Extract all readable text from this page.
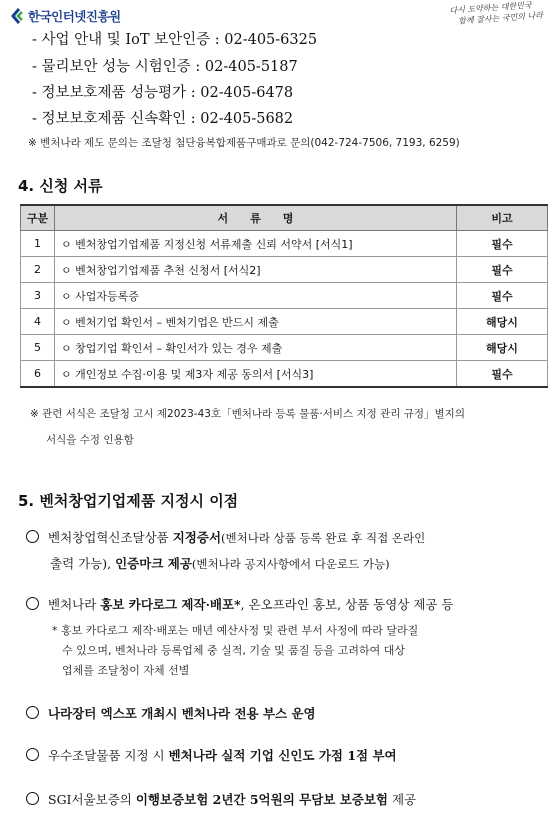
한국인터넷진흥원
다시 도약하는 대한민국
함께 잘사는 국민의 나라
- 사업 안내 및 IoT 보안인증 : 02-405-6325
- 물리보안 성능 시험인증 : 02-405-5187
- 정보보호제품 성능평가 : 02-405-6478
- 정보보호제품 신속확인 : 02-405-5682
※ 벤처나라 제도 문의는 조달청 첨단융복합제품구매과로 문의(042-724-7506, 7193, 6259)
4. 신청 서류
구분	서　　류　　명	비고
1	ㅇ 벤처창업기업제품 지정신청 서류제출 신뢰 서약서 [서식1]	필수
2	ㅇ 벤처창업기업제품 추천 신청서 [서식2]	필수
3	ㅇ 사업자등록증	필수
4	ㅇ 벤처기업 확인서 – 벤처기업은 반드시 제출	해당시
5	ㅇ 창업기업 확인서 – 확인서가 있는 경우 제출	해당시
6	ㅇ 개인정보 수집·이용 및 제3자 제공 동의서 [서식3]	필수
※ 관련 서식은 조달청 고시 제2023-43호「벤처나라 등록 물품·서비스 지정 관리 규정」별지의
서식을 수정 인용함
5. 벤처창업기업제품 지정시 이점
벤처창업혁신조달상품 지정증서(벤처나라 상품 등록 완료 후 직접 온라인
출력 가능), 인증마크 제공(벤처나라 공지사항에서 다운로드 가능)
벤처나라 홍보 카다로그 제작·배포*, 온오프라인 홍보, 상품 동영상 제공 등
* 홍보 카다로그 제작·배포는 매년 예산사정 및 관련 부서 사정에 따라 달라질
수 있으며, 벤처나라 등록업체 중 실적, 기술 및 품질 등을 고려하여 대상
업체를 조달청이 자체 선별
나라장터 엑스포 개최시 벤처나라 전용 부스 운영
우수조달물품 지정 시 벤처나라 실적 기업 신인도 가점 1점 부여
SGI서울보증의 이행보증보험 2년간 5억원의 무담보 보증보험 제공
